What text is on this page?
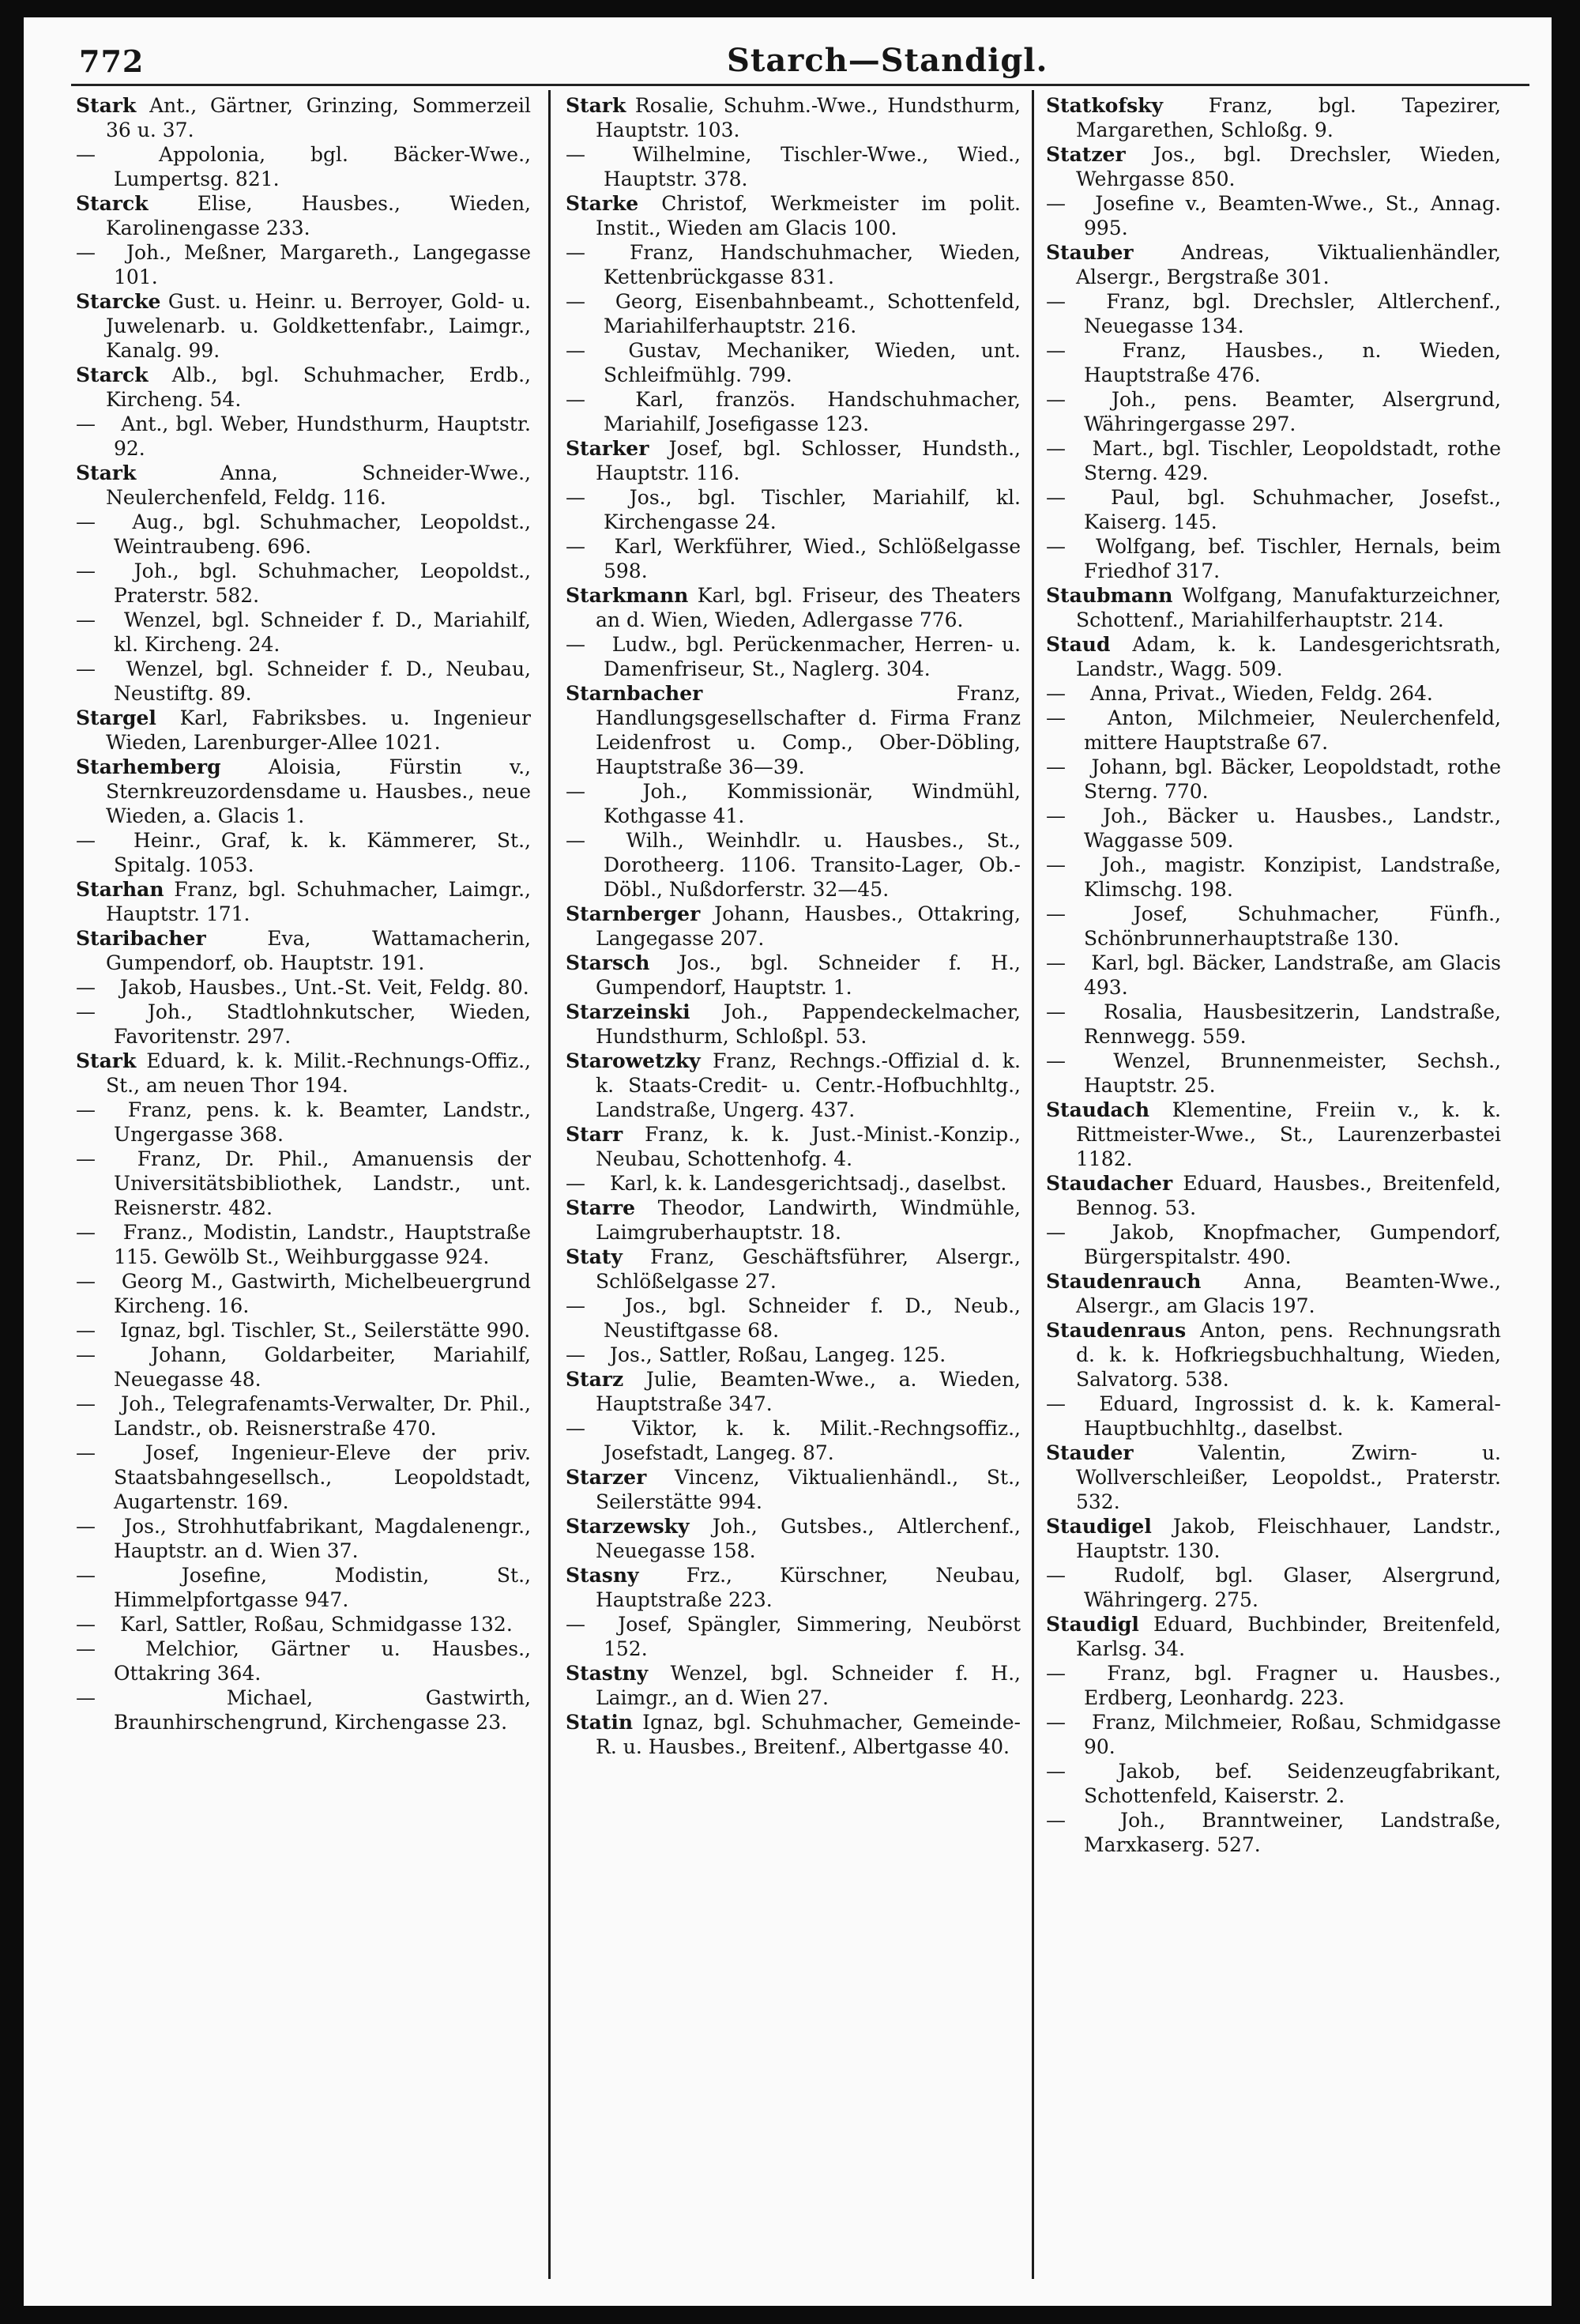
772	Starch—Standigl.

Stark Ant., Gärtner, Grinzing, Sommerzeil 36 u. 37.

—	Appolonia, bgl. Bäcker-Wwe., Lumpertsg. 821.

Starck Elise, Hausbes., Wieden, Karolinengasse 233.

— Joh., Meßner, Margareth., Langegasse 101.

Starcke Gust. u. Heinr. u. Berroyer, Gold- u. Juwelenarb. u. Goldkettenfabr., Laimgr., Kanalg. 99.

Starck Alb., bgl. Schuhmacher, Erdb., Kircheng. 54.

— Ant., bgl. Weber, Hundsthurm, Hauptstr. 92.

Stark	Anna, Schneider-Wwe., Neulerchenfeld, Feldg. 116.

— Aug., bgl. Schuhmacher, Leopoldst., Weintraubeng. 696.

— Joh., bgl. Schuhmacher, Leopoldst., Praterstr. 582.

— Wenzel, bgl. Schneider f. D., Mariahilf, kl. Kircheng. 24.

— Wenzel, bgl. Schneider f. D., Neubau, Neustiftg. 89.

Stargel Karl, Fabriksbes. u. Ingenieur Wieden, Larenburger-Allee 1021.

Starhemberg Aloisia, Fürstin v., Sternkreuzordensdame u. Hausbes., neue Wieden, a. Glacis 1.

— Heinr., Graf, k. k. Kämmerer, St., Spitalg. 1053.

Starhan Franz, bgl. Schuhmacher, Laimgr., Hauptstr. 171.

Staribacher	Eva, Wattamacherin, Gumpendorf, ob. Hauptstr. 191.

— Jakob, Hausbes., Unt.-St. Veit, Feldg. 80.

—	Joh., Stadtlohnkutscher, Wieden, Favoritenstr. 297.

Stark Eduard, k. k. Milit.-Rechnungs-Offiz., St., am neuen Thor 194.

— Franz, pens. k. k. Beamter, Landstr., Ungergasse 368.

— Franz, Dr. Phil., Amanuensis der Universitätsbibliothek, Landstr., unt. Reisnerstr. 482.

— Franz., Modistin, Landstr., Hauptstraße 115. Gewölb St., Weihburggasse 924.

— Georg M., Gastwirth, Michelbeuergrund Kircheng. 16.

— Ignaz, bgl. Tischler, St., Seilerstätte 990.

—	Johann, Goldarbeiter, Mariahilf, Neuegasse 48.

— Joh., Telegrafenamts-Verwalter, Dr. Phil., Landstr., ob. Reisnerstraße 470.

—	Josef, Ingenieur-Eleve der priv. Staatsbahngesellsch., Leopoldstadt, Augartenstr. 169.

— Jos., Strohhutfabrikant, Magdalenengr., Hauptstr. an d. Wien 37.

—	Josefine, Modistin, St., Himmelpfortgasse 947.

— Karl, Sattler, Roßau, Schmidgasse 132.

—	Melchior, Gärtner u. Hausbes., Ottakring 364.

—	Michael, Gastwirth, Braunhirschengrund, Kirchengasse 23.

Stark Rosalie, Schuhm.-Wwe., Hundsthurm, Hauptstr. 103.

— Wilhelmine, Tischler-Wwe., Wied., Hauptstr. 378.

Starke Christof, Werkmeister im polit. Instit., Wieden am Glacis 100.

— Franz, Handschuhmacher, Wieden, Kettenbrückgasse 831.

— Georg, Eisenbahnbeamt., Schottenfeld, Mariahilferhauptstr. 216.

— Gustav, Mechaniker, Wieden, unt. Schleifmühlg. 799.

—	Karl, französ. Handschuhmacher, Mariahilf, Josefigasse 123.

Starker Josef, bgl. Schlosser, Hundsth., Hauptstr. 116.

— Jos., bgl. Tischler, Mariahilf, kl. Kirchengasse 24.

— Karl, Werkführer, Wied., Schlößelgasse 598.

Starkmann Karl, bgl. Friseur, des Theaters an d. Wien, Wieden, Adlergasse 776.

— Ludw., bgl. Perückenmacher, Herren- u. Damenfriseur, St., Naglerg. 304.

Starnbacher	Franz, Handlungsgesellschafter d. Firma Franz Leidenfrost u. Comp., Ober-Döbling, Hauptstraße 36—39.

—	Joh., Kommissionär, Windmühl, Kothgasse 41.

— Wilh., Weinhdlr. u. Hausbes., St., Dorotheerg. 1106. Transito-Lager, Ob.-Döbl., Nußdorferstr. 32—45.

Starnberger Johann, Hausbes., Ottakring, Langegasse 207.

Starsch Jos., bgl. Schneider f. H., Gumpendorf, Hauptstr. 1.

Starzeinski Joh., Pappendeckelmacher, Hundsthurm, Schloßpl. 53.

Starowetzky Franz, Rechngs.-Offizial d. k. k. Staats-Credit- u. Centr.-Hofbuchhltg., Landstraße, Ungerg. 437.

Starr Franz, k. k. Just.-Minist.-Konzip., Neubau, Schottenhofg. 4.

— Karl, k. k. Landesgerichtsadj., daselbst.

Starre Theodor, Landwirth, Windmühle, Laimgruberhauptstr. 18.

Staty Franz, Geschäftsführer, Alsergr., Schlößelgasse 27.

— Jos., bgl. Schneider f. D., Neub., Neustiftgasse 68.

— Jos., Sattler, Roßau, Langeg. 125.

Starz Julie, Beamten-Wwe., a. Wieden, Hauptstraße 347.

— Viktor, k. k. Milit.-Rechngsoffiz., Josefstadt, Langeg. 87.

Starzer Vincenz, Viktualienhändl., St., Seilerstätte 994.

Starzewsky Joh., Gutsbes., Altlerchenf., Neuegasse 158.

Stasny Frz., Kürschner, Neubau, Hauptstraße 223.

— Josef, Spängler, Simmering, Neubörst 152.

Stastny Wenzel, bgl. Schneider f. H., Laimgr., an d. Wien 27.

Statin Ignaz, bgl. Schuhmacher, Gemeinde-R. u. Hausbes., Breitenf., Albertgasse 40.

Statkofsky Franz, bgl. Tapezirer, Margarethen, Schloßg. 9.

Statzer Jos., bgl. Drechsler, Wieden, Wehrgasse 850.

— Josefine v., Beamten-Wwe., St., Annag. 995.

Stauber Andreas, Viktualienhändler, Alsergr., Bergstraße 301.

— Franz, bgl. Drechsler, Altlerchenf., Neuegasse 134.

—	Franz, Hausbes., n. Wieden, Hauptstraße 476.

— Joh., pens. Beamter, Alsergrund, Währingergasse 297.

— Mart., bgl. Tischler, Leopoldstadt, rothe Sterng. 429.

— Paul, bgl. Schuhmacher, Josefst., Kaiserg. 145.

— Wolfgang, bef. Tischler, Hernals, beim Friedhof 317.

Staubmann Wolfgang, Manufakturzeichner, Schottenf., Mariahilferhauptstr. 214.

Staud Adam, k. k. Landesgerichtsrath, Landstr., Wagg. 509.

— Anna, Privat., Wieden, Feldg. 264.

— Anton, Milchmeier, Neulerchenfeld, mittere Hauptstraße 67.

— Johann, bgl. Bäcker, Leopoldstadt, rothe Sterng. 770.

— Joh., Bäcker u. Hausbes., Landstr., Waggasse 509.

— Joh., magistr. Konzipist, Landstraße, Klimschg. 198.

—	Josef, Schuhmacher, Fünfh., Schönbrunnerhauptstraße 130.

— Karl, bgl. Bäcker, Landstraße, am Glacis 493.

— Rosalia, Hausbesitzerin, Landstraße, Rennwegg. 559.

— Wenzel, Brunnenmeister, Sechsh., Hauptstr. 25.

Staudach Klementine, Freiin v., k. k. Rittmeister-Wwe., St., Laurenzerbastei 1182.

Staudacher Eduard, Hausbes., Breitenfeld, Bennog. 53.

— Jakob, Knopfmacher, Gumpendorf, Bürgerspitalstr. 490.

Staudenrauch Anna, Beamten-Wwe., Alsergr., am Glacis 197.

Staudenraus Anton, pens. Rechnungsrath d. k. k. Hofkriegsbuchhaltung, Wieden, Salvatorg. 538.

— Eduard, Ingrossist d. k. k. Kameral-Hauptbuchhltg., daselbst.

Stauder	Valentin, Zwirn- u. Wollverschleißer, Leopoldst., Praterstr. 532.

Staudigel Jakob, Fleischhauer, Landstr., Hauptstr. 130.

— Rudolf, bgl. Glaser, Alsergrund, Währingerg. 275.

Staudigl Eduard, Buchbinder, Breitenfeld, Karlsg. 34.

— Franz, bgl. Fragner u. Hausbes., Erdberg, Leonhardg. 223.

— Franz, Milchmeier, Roßau, Schmidgasse 90.

—	Jakob, bef. Seidenzeugfabrikant, Schottenfeld, Kaiserstr. 2.

—	Joh., Branntweiner, Landstraße, Marxkaserg. 527.
